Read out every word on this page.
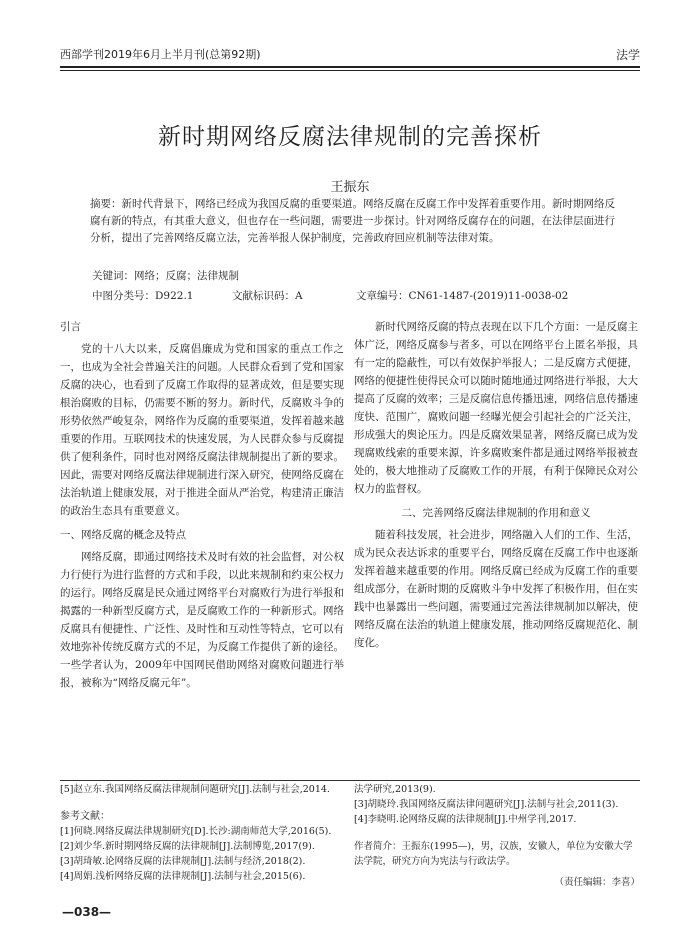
西部学刊2019年6月上半月刊(总第92期)	法学
新时期网络反腐法律规制的完善探析
王振东
摘要：新时代背景下，网络已经成为我国反腐的重要渠道。网络反腐在反腐工作中发挥着重要作用。新时期网络反腐有新的特点，有其重大意义，但也存在一些问题，需要进一步探讨。针对网络反腐存在的问题，在法律层面进行分析，提出了完善网络反腐立法，完善举报人保护制度，完善政府回应机制等法律对策。
关键词：网络；反腐；法律规制
中图分类号：D922.1	文献标识码：A	文章编号：CN61-1487-(2019)11-0038-02
引言

党的十八大以来，反腐倡廉成为党和国家的重点工作之一，也成为全社会普遍关注的问题。人民群众看到了党和国家反腐的决心，也看到了反腐工作取得的显著成效，但是要实现根治腐败的目标，仍需要不断的努力。新时代，反腐败斗争的形势依然严峻复杂，网络作为反腐的重要渠道，发挥着越来越重要的作用。互联网技术的快速发展，为人民群众参与反腐提供了便利条件，同时也对网络反腐法律规制提出了新的要求。因此，需要对网络反腐法律规制进行深入研究，使网络反腐在法治轨道上健康发展，对于推进全面从严治党，构建清正廉洁的政治生态具有重要意义。

一、网络反腐的概念及特点

网络反腐，即通过网络技术及时有效的社会监督，对公权力行使行为进行监督的方式和手段，以此来规制和约束公权力的运行。网络反腐是民众通过网络平台对腐败行为进行举报和揭露的一种新型反腐方式，是反腐败工作的一种新形式。网络反腐具有便捷性、广泛性、及时性和互动性等特点，它可以有效地弥补传统反腐方式的不足，为反腐工作提供了新的途径。一些学者认为，2009年中国网民借助网络对腐败问题进行举报，被称为“网络反腐元年”。

新时代网络反腐的特点表现在以下几个方面：一是反腐主体广泛，网络反腐参与者多，可以在网络平台上匿名举报，具有一定的隐蔽性，可以有效保护举报人；二是反腐方式便捷，网络的便捷性使得民众可以随时随地通过网络进行举报，大大提高了反腐的效率；三是反腐信息传播迅速，网络信息传播速度快、范围广，腐败问题一经曝光便会引起社会的广泛关注，形成强大的舆论压力。四是反腐效果显著，网络反腐已成为发现腐败线索的重要来源，许多腐败案件都是通过网络举报被查处的，极大地推动了反腐败工作的开展，有利于保障民众对公权力的监督权。

二、完善网络反腐法律规制的作用和意义

随着科技发展，社会进步，网络融入人们的工作、生活，成为民众表达诉求的重要平台，网络反腐在反腐工作中也逐渐发挥着越来越重要的作用。网络反腐已经成为反腐工作的重要组成部分，在新时期的反腐败斗争中发挥了积极作用，但在实践中也暴露出一些问题，需要通过完善法律规制加以解决，使网络反腐在法治的轨道上健康发展，推动网络反腐规范化、制度化。

[5]赵立东.我国网络反腐法律规制问题研究[J].法制与社会,2014.
参考文献：
[1]何晓.网络反腐法律规制研究[D].长沙:湖南师范大学,2016(5).
[2]刘少华.新时期网络反腐的法律规制[J].法制博览,2017(9).
[3]胡琦敏.论网络反腐的法律规制[J].法制与经济,2018(2).
[4]周娟.浅析网络反腐的法律规制[J].法制与社会,2015(6).
法学研究,2013(9).
[3]胡晓玲.我国网络反腐法律问题研究[J].法制与社会,2011(3).
[4]李晓明.论网络反腐的法律规制[J].中州学刊,2017.
作者简介：王振东(1995—)，男，汉族，安徽人，单位为安徽大学法学院，研究方向为宪法与行政法学。
（责任编辑：李喜）
—038—
